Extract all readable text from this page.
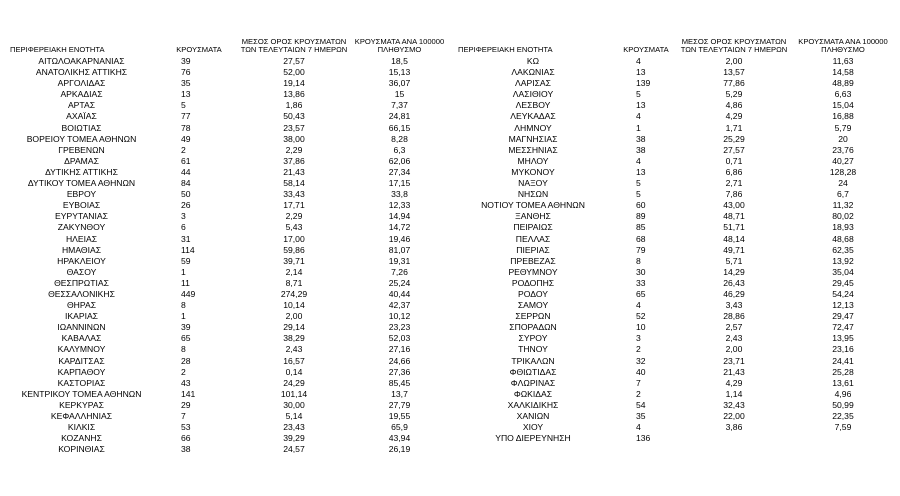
ΠΕΡΙΦΕΡΕΙΑΚΗ ΕΝΟΤΗΤΑ	ΚΡΟΥΣΜΑΤΑ	ΜΕΣΟΣ ΟΡΟΣ ΚΡΟΥΣΜΑΤΩΝ ΤΩΝ ΤΕΛΕΥΤΑΙΩΝ 7 ΗΜΕΡΩΝ	ΚΡΟΥΣΜΑΤΑ ΑΝΑ 100000 ΠΛΗΘΥΣΜΟ
ΑΙΤΩΛΟΑΚΑΡΝΑΝΙΑΣ	39	27,57	18,5
ΑΝΑΤΟΛΙΚΗΣ ΑΤΤΙΚΗΣ	76	52,00	15,13
ΑΡΓΟΛΙΔΑΣ	35	19,14	36,07
ΑΡΚΑΔΙΑΣ	13	13,86	15
ΑΡΤΑΣ	5	1,86	7,37
ΑΧΑΪΑΣ	77	50,43	24,81
ΒΟΙΩΤΙΑΣ	78	23,57	66,15
ΒΟΡΕΙΟΥ ΤΟΜΕΑ ΑΘΗΝΩΝ	49	38,00	8,28
ΓΡΕΒΕΝΩΝ	2	2,29	6,3
ΔΡΑΜΑΣ	61	37,86	62,06
ΔΥΤΙΚΗΣ ΑΤΤΙΚΗΣ	44	21,43	27,34
ΔΥΤΙΚΟΥ ΤΟΜΕΑ ΑΘΗΝΩΝ	84	58,14	17,15
ΕΒΡΟΥ	50	33,43	33,8
ΕΥΒΟΙΑΣ	26	17,71	12,33
ΕΥΡΥΤΑΝΙΑΣ	3	2,29	14,94
ΖΑΚΥΝΘΟΥ	6	5,43	14,72
ΗΛΕΙΑΣ	31	17,00	19,46
ΗΜΑΘΙΑΣ	114	59,86	81,07
ΗΡΑΚΛΕΙΟΥ	59	39,71	19,31
ΘΑΣΟΥ	1	2,14	7,26
ΘΕΣΠΡΩΤΙΑΣ	11	8,71	25,24
ΘΕΣΣΑΛΟΝΙΚΗΣ	449	274,29	40,44
ΘΗΡΑΣ	8	10,14	42,37
ΙΚΑΡΙΑΣ	1	2,00	10,12
ΙΩΑΝΝΙΝΩΝ	39	29,14	23,23
ΚΑΒΑΛΑΣ	65	38,29	52,03
ΚΑΛΥΜΝΟΥ	8	2,43	27,16
ΚΑΡΔΙΤΣΑΣ	28	16,57	24,66
ΚΑΡΠΑΘΟΥ	2	0,14	27,36
ΚΑΣΤΟΡΙΑΣ	43	24,29	85,45
ΚΕΝΤΡΙΚΟΥ ΤΟΜΕΑ ΑΘΗΝΩΝ	141	101,14	13,7
ΚΕΡΚΥΡΑΣ	29	30,00	27,79
ΚΕΦΑΛΛΗΝΙΑΣ	7	5,14	19,55
ΚΙΛΚΙΣ	53	23,43	65,9
ΚΟΖΑΝΗΣ	66	39,29	43,94
ΚΟΡΙΝΘΙΑΣ	38	24,57	26,19
ΠΕΡΙΦΕΡΕΙΑΚΗ ΕΝΟΤΗΤΑ	ΚΡΟΥΣΜΑΤΑ	ΜΕΣΟΣ ΟΡΟΣ ΚΡΟΥΣΜΑΤΩΝ ΤΩΝ ΤΕΛΕΥΤΑΙΩΝ 7 ΗΜΕΡΩΝ	ΚΡΟΥΣΜΑΤΑ ΑΝΑ 100000 ΠΛΗΘΥΣΜΟ
ΚΩ	4	2,00	11,63
ΛΑΚΩΝΙΑΣ	13	13,57	14,58
ΛΑΡΙΣΑΣ	139	77,86	48,89
ΛΑΣΙΘΙΟΥ	5	5,29	6,63
ΛΕΣΒΟΥ	13	4,86	15,04
ΛΕΥΚΑΔΑΣ	4	4,29	16,88
ΛΗΜΝΟΥ	1	1,71	5,79
ΜΑΓΝΗΣΙΑΣ	38	25,29	20
ΜΕΣΣΗΝΙΑΣ	38	27,57	23,76
ΜΗΛΟΥ	4	0,71	40,27
ΜΥΚΟΝΟΥ	13	6,86	128,28
ΝΑΞΟΥ	5	2,71	24
ΝΗΣΩΝ	5	7,86	6,7
ΝΟΤΙΟΥ ΤΟΜΕΑ ΑΘΗΝΩΝ	60	43,00	11,32
ΞΑΝΘΗΣ	89	48,71	80,02
ΠΕΙΡΑΙΩΣ	85	51,71	18,93
ΠΕΛΛΑΣ	68	48,14	48,68
ΠΙΕΡΙΑΣ	79	49,71	62,35
ΠΡΕΒΕΖΑΣ	8	5,71	13,92
ΡΕΘΥΜΝΟΥ	30	14,29	35,04
ΡΟΔΟΠΗΣ	33	26,43	29,45
ΡΟΔΟΥ	65	46,29	54,24
ΣΑΜΟΥ	4	3,43	12,13
ΣΕΡΡΩΝ	52	28,86	29,47
ΣΠΟΡΑΔΩΝ	10	2,57	72,47
ΣΥΡΟΥ	3	2,43	13,95
ΤΗΝΟΥ	2	2,00	23,16
ΤΡΙΚΑΛΩΝ	32	23,71	24,41
ΦΘΙΩΤΙΔΑΣ	40	21,43	25,28
ΦΛΩΡΙΝΑΣ	7	4,29	13,61
ΦΩΚΙΔΑΣ	2	1,14	4,96
ΧΑΛΚΙΔΙΚΗΣ	54	32,43	50,99
ΧΑΝΙΩΝ	35	22,00	22,35
ΧΙΟΥ	4	3,86	7,59
ΥΠΟ ΔΙΕΡΕΥΝΗΣΗ	136		
